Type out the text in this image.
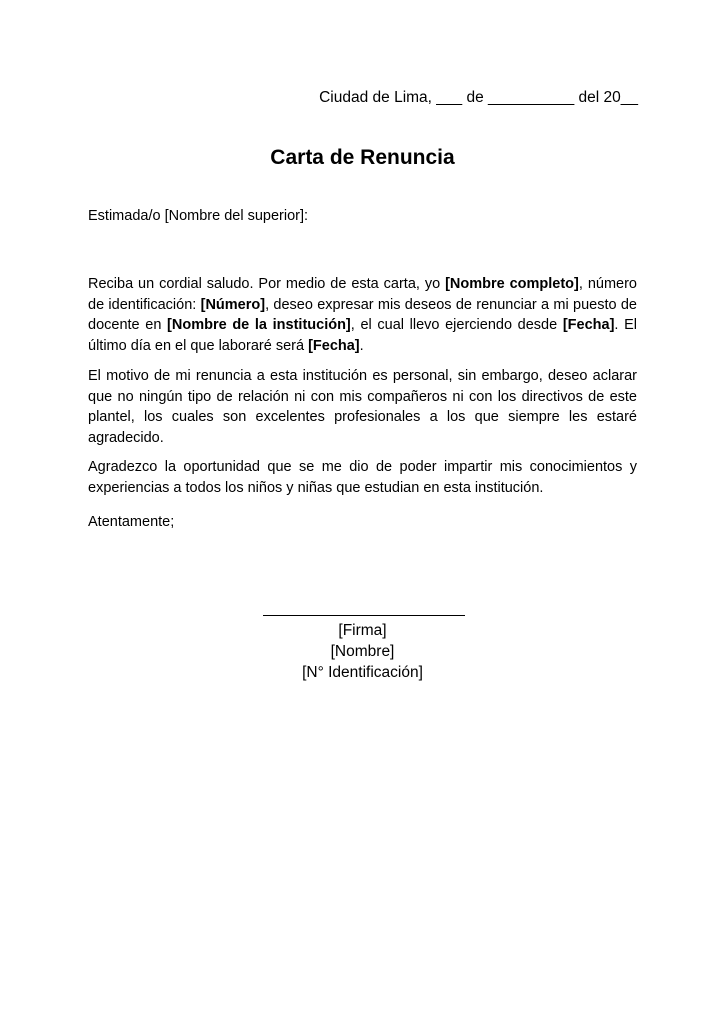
Ciudad de Lima, ___ de __________ del 20__
Carta de Renuncia
Estimada/o [Nombre del superior]:

Reciba un cordial saludo. Por medio de esta carta, yo [Nombre completo], número de identificación: [Número], deseo expresar mis deseos de renunciar a mi puesto de docente en [Nombre de la institución], el cual llevo ejerciendo desde [Fecha]. El último día en el que laboraré será [Fecha].

El motivo de mi renuncia a esta institución es personal, sin embargo, deseo aclarar que no ningún tipo de relación ni con mis compañeros ni con los directivos de este plantel, los cuales son excelentes profesionales a los que siempre les estaré agradecido.

Agradezco la oportunidad que se me dio de poder impartir mis conocimientos y experiencias a todos los niños y niñas que estudian en esta institución.

Atentamente;
[Firma]
[Nombre]
[N° Identificación]
